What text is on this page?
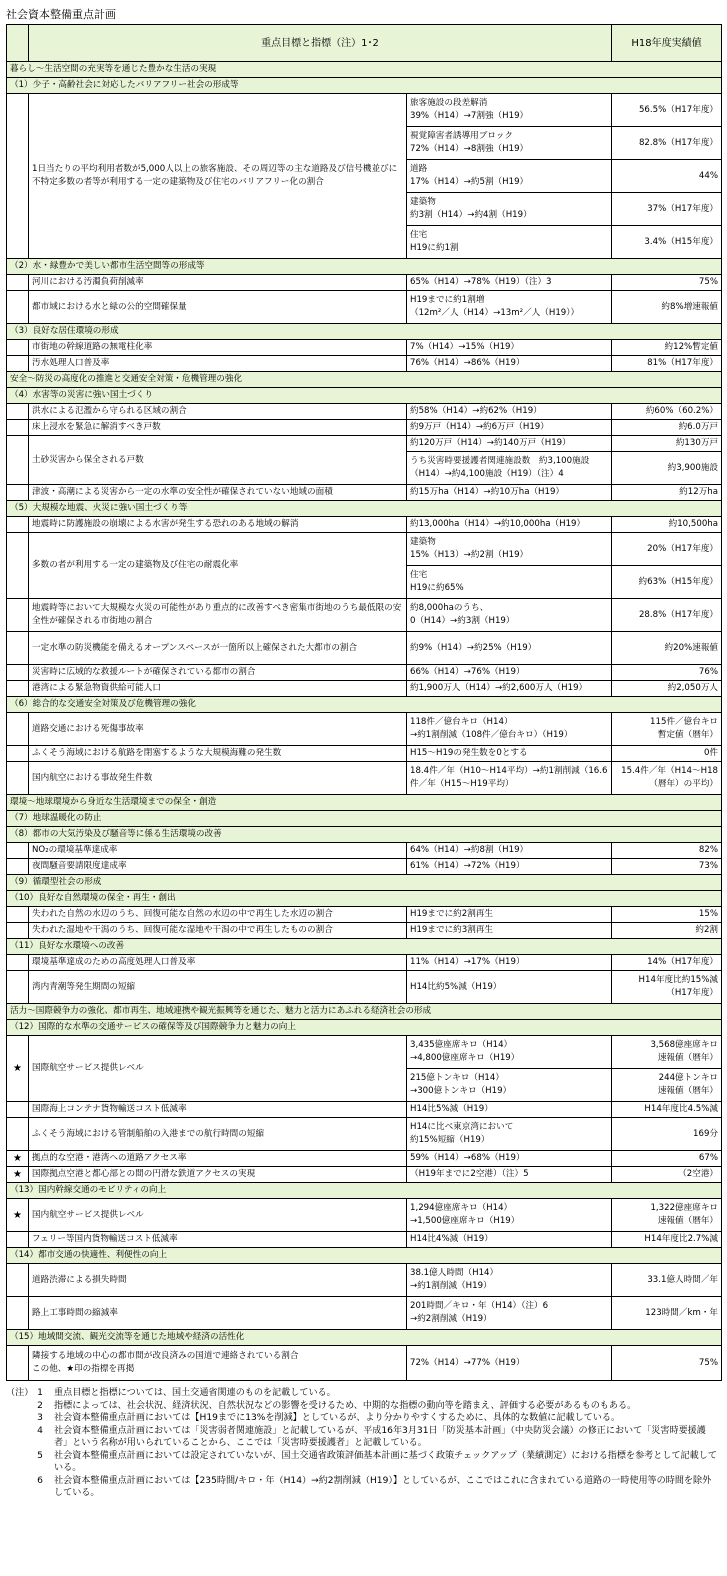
社会資本整備重点計画
	重点目標と指標（注）1･2		H18年度実績値
暮らし～生活空間の充実等を通じた豊かな生活の実現			
（1）少子・高齢社会に対応したバリアフリー社会の形成等			
	1日当たりの平均利用者数が5,000人以上の旅客施設、その周辺等の主な道路及び信号機並びに不特定多数の者等が利用する一定の建築物及び住宅のバリアフリー化の割合	旅客施設の段差解消
39%（H14）→7割強（H19）	56.5%（H17年度）
		視覚障害者誘導用ブロック
72%（H14）→8割強（H19）	82.8%（H17年度）
		道路
17%（H14）→約5割（H19）	44%
		建築物
約3割（H14）→約4割（H19）	37%（H17年度）
		住宅
H19に約1割	3.4%（H15年度）
（2）水・緑豊かで美しい都市生活空間等の形成等			
	河川における汚濁負荷削減率	65%（H14）→78%（H19）（注）3	75%
	都市域における水と緑の公的空間確保量	H19までに約1割増
（12m²／人（H14）→13m²／人（H19））	約8%増速報値
（3）良好な居住環境の形成			
	市街地の幹線道路の無電柱化率	7%（H14）→15%（H19）	約12%暫定値
	汚水処理人口普及率	76%（H14）→86%（H19）	81%（H17年度）
安全～防災の高度化の推進と交通安全対策・危機管理の強化			
（4）水害等の災害に強い国土づくり			
	洪水による氾濫から守られる区域の割合	約58%（H14）→約62%（H19）	約60%（60.2%）
	床上浸水を緊急に解消すべき戸数	約9万戸（H14）→約6万戸（H19）	約6.0万戸
	土砂災害から保全される戸数	約120万戸（H14）→約140万戸（H19）	約130万戸
		うち災害時要援護者関連施設数　約3,100施設（H14）→約4,100施設（H19）（注）4	約3,900施設
	津波・高潮による災害から一定の水準の安全性が確保されていない地域の面積	約15万ha（H14）→約10万ha（H19）	約12万ha
（5）大規模な地震、火災に強い国土づくり等			
	地震時に防護施設の崩壊による水害が発生する恐れのある地域の解消	約13,000ha（H14）→約10,000ha（H19）	約10,500ha
	多数の者が利用する一定の建築物及び住宅の耐震化率	建築物
15%（H13）→約2割（H19）	20%（H17年度）
		住宅
H19に約65%	約63%（H15年度）
	地震時等において大規模な火災の可能性があり重点的に改善すべき密集市街地のうち最低限の安全性が確保される市街地の割合	約8,000haのうち、
0（H14）→約3割（H19）	28.8%（H17年度）
	一定水準の防災機能を備えるオープンスペースが一箇所以上確保された大都市の割合	約9%（H14）→約25%（H19）	約20%速報値
	災害時に広域的な救援ルートが確保されている都市の割合	66%（H14）→76%（H19）	76%
	港湾による緊急物資供給可能人口	約1,900万人（H14）→約2,600万人（H19）	約2,050万人
（6）総合的な交通安全対策及び危機管理の強化			
	道路交通における死傷事故率	118件／億台キロ（H14）
→約1割削減（108件／億台キロ）（H19）	115件／億台キロ
暫定値（暦年）
	ふくそう海域における航路を閉塞するような大規模海難の発生数	H15～H19の発生数を0とする	0件
	国内航空における事故発生件数	18.4件／年（H10～H14平均）→約1割削減（16.6件／年（H15～H19平均）	15.4件／年（H14～H18（暦年）の平均）
環境～地球環境から身近な生活環境までの保全・創造			
（7）地球温暖化の防止			
（8）都市の大気汚染及び騒音等に係る生活環境の改善			
	NO₂の環境基準達成率	64%（H14）→約8割（H19）	82%
	夜間騒音要請限度達成率	61%（H14）→72%（H19）	73%
（9）循環型社会の形成			
（10）良好な自然環境の保全・再生・創出			
	失われた自然の水辺のうち、回復可能な自然の水辺の中で再生した水辺の割合	H19までに約2割再生	15%
	失われた湿地や干潟のうち、回復可能な湿地や干潟の中で再生したものの割合	H19までに約3割再生	約2割
（11）良好な水環境への改善			
	環境基準達成のための高度処理人口普及率	11%（H14）→17%（H19）	14%（H17年度）
	湾内青潮等発生期間の短縮	H14比約5%減（H19）	H14年度比約15%減
（H17年度）
活力～国際競争力の強化、都市再生、地域連携や観光振興等を通じた、魅力と活力にあふれる経済社会の形成			
（12）国際的な水準の交通サービスの確保等及び国際競争力と魅力の向上			
★	国際航空サービス提供レベル	3,435億座席キロ（H14）
→4,800億座席キロ（H19）	3,568億座席キロ
速報値（暦年）
		215億トンキロ（H14）
→300億トンキロ（H19）	244億トンキロ
速報値（暦年）
	国際海上コンテナ貨物輸送コスト低減率	H14比5%減（H19）	H14年度比4.5%減
	ふくそう海域における管制船舶の入港までの航行時間の短縮	H14に比べ東京湾において
約15%短縮（H19）	169分
★	拠点的な空港・港湾への道路アクセス率	59%（H14）→68%（H19）	67%
★	国際拠点空港と都心部との間の円滑な鉄道アクセスの実現	（H19年までに2空港）（注）5	（2空港）
（13）国内幹線交通のモビリティの向上			
★	国内航空サービス提供レベル	1,294億座席キロ（H14）
→1,500億座席キロ（H19）	1,322億座席キロ
速報値（暦年）
	フェリー等国内貨物輸送コスト低減率	H14比4%減（H19）	H14年度比2.7%減
（14）都市交通の快適性、利便性の向上			
	道路渋滞による損失時間	38.1億人時間（H14）
→約1割削減（H19）	33.1億人時間／年
	路上工事時間の縮減率	201時間／キロ・年（H14）（注）6
→約2割削減（H19）	123時間／km・年
（15）地域間交流、観光交流等を通じた地域や経済の活性化			
	隣接する地域の中心の都市間が改良済みの国道で連絡されている割合
この他、★印の指標を再掲	72%（H14）→77%（H19）	75%
（注） 1	重点目標と指標については、国土交通省関連のものを記載している。
2	指標によっては、社会状況、経済状況、自然状況などの影響を受けるため、中期的な指標の動向等を踏まえ、評価する必要があるものもある。
3	社会資本整備重点計画においては【H19までに13%を削減】としているが、より分かりやすくするために、具体的な数値に記載している。
4	社会資本整備重点計画においては「災害弱者関連施設」と記載しているが、平成16年3月31日「防災基本計画」（中央防災会議）の修正において「災害時要援護者」という名称が用いられていることから、ここでは「災害時要援護者」と記載している。
5	社会資本整備重点計画においては設定されていないが、国土交通省政策評価基本計画に基づく政策チェックアップ（業績測定）における指標を参考として記載している。
6	社会資本整備重点計画においては【235時間/キロ・年（H14）→約2割削減（H19）】としているが、ここではこれに含まれている道路の一時使用等の時間を除外している。
